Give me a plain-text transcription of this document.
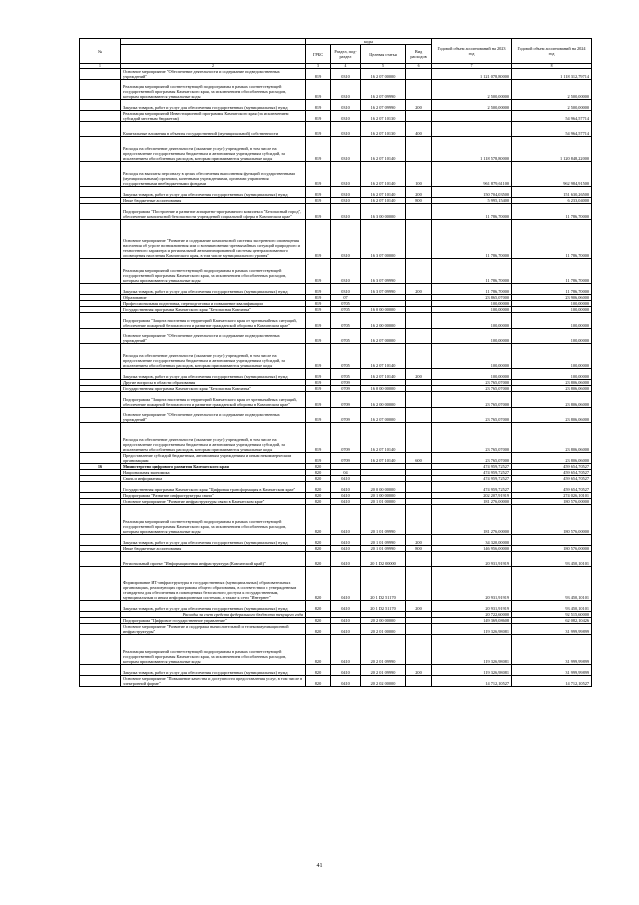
№		коды				Годовой объем ассигнований на 2023 год	Годовой объем ассигнований на 2024 год
		ГРБС	Раздел, под- раздел	Целевая статья	Вид расходов		
1	2	3	4	5	6	7	8
	Основное мероприятие "Обеспечение деятельности и содержание подведомственных учреждений"	819	0310	16 2 07 00000		1 121 078,80000	1 118 312,79714
	Реализация мероприятий соответствующей подпрограммы в рамках соответствующей государственной программы Камчатского края, за исключением обособленных расходов, которым присваиваются уникальные коды	819	0310	16 2 07 09990		2 500,00000	2 500,00000
	Закупка товаров, работ и услуг для обеспечения государственных (муниципальных) нужд	819	0310	16 2 07 09990	200	2 500,00000	2 500,00000
	Реализация мероприятий Инвестиционной программы Камчатского края (за исключением субсидий местным бюджетам)	819	0310	16 2 07 10130			54 964,57714
	Капитальные вложения в объекты государственной (муниципальной) собственности	819	0310	16 2 07 10130	400		54 964,57714
	Расходы на обеспечение деятельности (оказание услуг) учреждений, в том числе на предоставление государственным бюджетным и автономным учреждениям субсидий, за исключением обособленных расходов, которым присваиваются уникальные коды	819	0310	16 2 07 10140		1 118 578,80000	1 120 848,22000
	Расходы на выплаты персоналу в целях обеспечения выполнения функций государственными (муниципальными) органами, казенными учреждениями, органами управления государственными внебюджетными фондами	819	0310	16 2 07 10140	100	961 879,61100	962 984,91500
	Закупка товаров, работ и услуг для обеспечения государственных (муниципальных) нужд	819	0310	16 2 07 10140	200	150 704,03500	151 630,26500
	Иные бюджетные ассигнования	819	0310	16 2 07 10140	800	5 995,15400	6 233,04000
	Подпрограмма "Построение и развитие аппаратно-программного комплекса "Безопасный город", обеспечение комплексной безопасности учреждений социальной сферы в Камчатском крае"	819	0310	16 3 00 00000		11 786,70000	11 786,70000
	Основное мероприятие "Развитие и содержание комплексной системы экстренного оповещения населения об угрозе возникновения или о возникновении чрезвычайных ситуаций природного и техногенного характера и региональной автоматизированной системы централизованного оповещения населения Камчатского края, в том числе муниципального уровня"	819	0310	16 3 07 00000		11 786,70000	11 786,70000
	Реализация мероприятий соответствующей подпрограммы в рамках соответствующей государственной программы Камчатского края, за исключением обособленных расходов, которым присваиваются уникальные коды	819	0310	16 3 07 09990		11 786,70000	11 786,70000
	Закупка товаров, работ и услуг для обеспечения государственных (муниципальных) нужд	819	0310	16 3 07 09990	200	11 786,70000	11 786,70000
	Образование	819	07			23 865,07000	23 906,06000
	Профессиональная подготовка, переподготовка и повышение квалификации	819	0705			100,00000	100,00000
	Государственная программа Камчатского края "Безопасная Камчатка"	819	0705	16 0 00 00000		100,00000	100,00000
	Подпрограмма "Защита населения и территорий Камчатского края от чрезвычайных ситуаций, обеспечение пожарной безопасности и развитие гражданской обороны в Камчатском крае"	819	0705	16 2 00 00000		100,00000	100,00000
	Основное мероприятие "Обеспечение деятельности и содержание подведомственных учреждений"	819	0705	16 2 07 00000		100,00000	100,00000
	Расходы на обеспечение деятельности (оказание услуг) учреждений, в том числе на предоставление государственным бюджетным и автономным учреждениям субсидий, за исключением обособленных расходов, которым присваиваются уникальные коды	819	0705	16 2 07 10140		100,00000	100,00000
	Закупка товаров, работ и услуг для обеспечения государственных (муниципальных) нужд	819	0705	16 2 07 10140	200	100,00000	100,00000
	Другие вопросы в области образования	819	0709			23 765,07000	23 806,06000
	Государственная программа Камчатского края "Безопасная Камчатка"	819	0709	16 0 00 00000		23 765,07000	23 806,06000
	Подпрограмма "Защита населения и территорий Камчатского края от чрезвычайных ситуаций, обеспечение пожарной безопасности и развитие гражданской обороны в Камчатском крае"	819	0709	16 2 00 00000		23 765,07000	23 806,06000
	Основное мероприятие "Обеспечение деятельности и содержание подведомственных учреждений"	819	0709	16 2 07 00000		23 765,07000	23 806,06000
	Расходы на обеспечение деятельности (оказание услуг) учреждений, в том числе на предоставление государственным бюджетным и автономным учреждениям субсидий, за исключением обособленных расходов, которым присваиваются уникальные коды	819	0709	16 2 07 10140		23 765,07000	23 806,06000
	Предоставление субсидий бюджетным, автономным учреждениям и иным некоммерческим организациям	819	0709	16 2 07 10140	600	23 765,07000	23 806,06000
16	Министерство цифрового развития Камчатского края	820				474 959,72527	459 654,70527
	Национальная экономика	820	04			474 959,72527	459 654,70527
	Связь и информатика	820	0410			474 959,72527	459 654,70527
	Государственная программа Камчатского края "Цифровая трансформация в Камчатском крае"	820	0410	20 0 00 00000		474 959,72527	459 654,70527
	Подпрограмма "Развитие инфраструктуры связи"	820	0410	20 1 00 00000		202 207,91919	274 026,10101
	Основное мероприятие "Развитие инфраструктуры связи в Камчатском крае"	820	0410	20 1 01 00000		181 276,00000	180 576,00000
	Реализация мероприятий соответствующей подпрограммы в рамках соответствующей государственной программы Камчатского края, за исключением обособленных расходов, которым присваиваются уникальные коды	820	0410	20 1 01 09990		181 276,00000	180 576,00000
	Закупка товаров, работ и услуг для обеспечения государственных (муниципальных) нужд	820	0410	20 1 01 09990	200	34 320,00000	
	Иные бюджетные ассигнования	820	0410	20 1 01 09990	800	146 956,00000	180 576,00000
	Региональный проект "Информационная инфраструктура (Камчатский край)"	820	0410	20 1 D2 00000		20 931,91919	93 450,10101
	Формирование ИТ-инфраструктуры в государственных (муниципальных) образовательных организациях, реализующих программы общего образования, в соответствии с утвержденным стандартом для обеспечения в помещениях безопасного доступа к государственным, муниципальным и иным информационным системам, а также к сети "Интернет"	820	0410	20 1 D2 51170		20 931,91919	93 450,10101
	Закупка товаров, работ и услуг для обеспечения государственных (муниципальных) нужд	820	0410	20 1 D2 51170	200	20 931,91919	93 450,10101
	Расходы за счет средств федерального бюджета текущего года					20 722,60000	92 515,60000
	Подпрограмма "Цифровое государственное управление"	820	0410	20 2 00 00000		149 369,08608	62 082,10426
	Основное мероприятие "Развитие и поддержка вычислительной и телекоммуникационной инфраструктуры"	820	0410	20 2 01 00000		119 326,98081	31 999,99899
	Реализация мероприятий соответствующей подпрограммы в рамках соответствующей государственной программы Камчатского края, за исключением обособленных расходов, которым присваиваются уникальные коды	820	0410	20 2 01 09990		119 326,98081	31 999,99899
	Закупка товаров, работ и услуг для обеспечения государственных (муниципальных) нужд	820	0410	20 2 01 09990	200	119 326,98081	31 999,99899
	Основное мероприятие "Повышение качества и доступности предоставления услуг, в том числе в электронной форме"	820	0410	20 2 02 00000		14 712,10527	14 712,10527
41
